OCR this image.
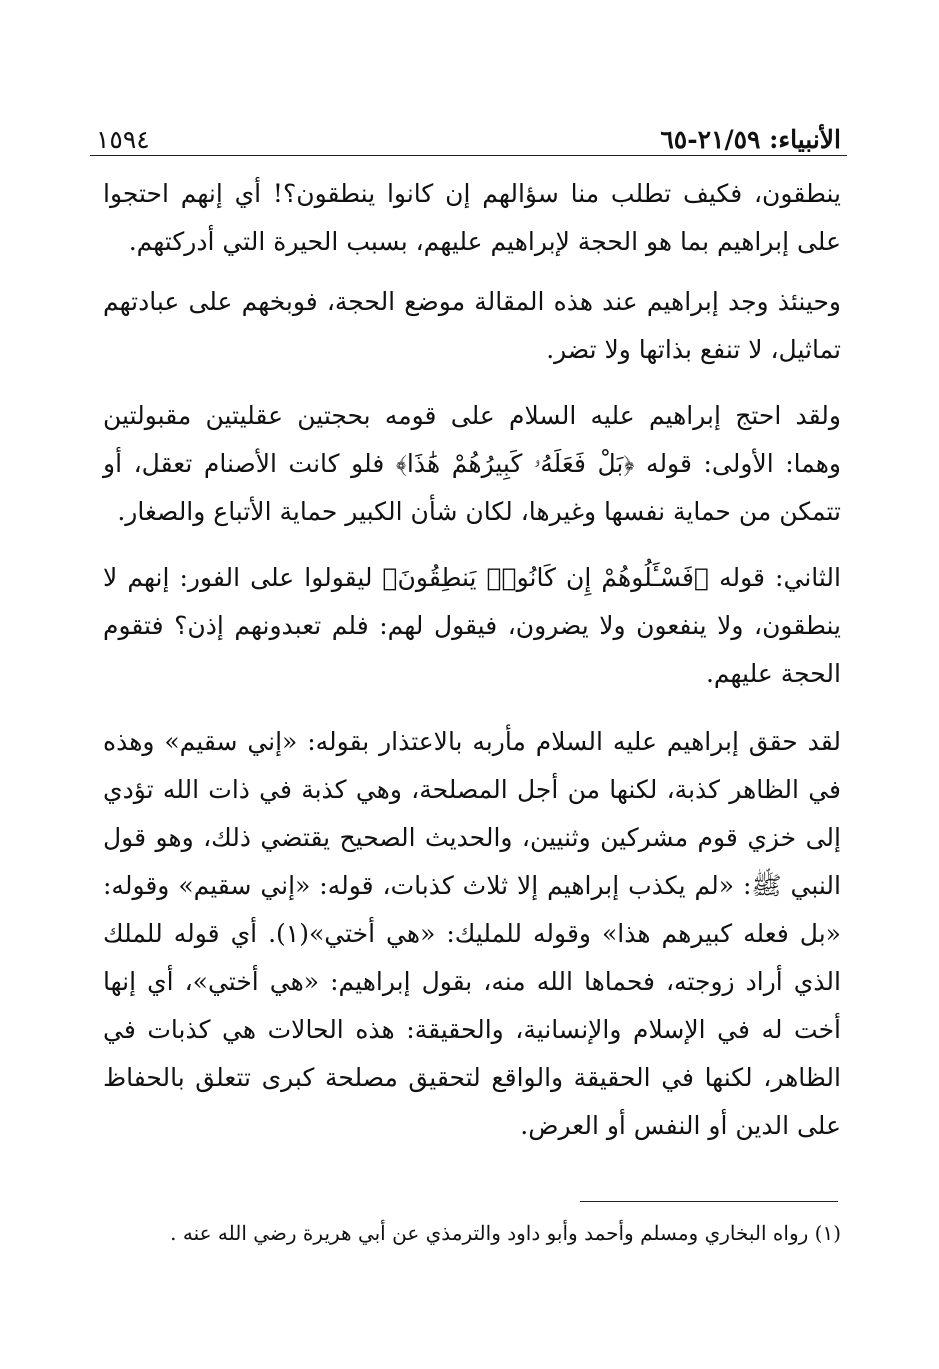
الأنبياء: ٢١/٥٩-٦٥
١٥٩٤

ينطقون، فكيف تطلب منا سؤالهم إن كانوا ينطقون؟! أي إنهم احتجوا على إبراهيم بما هو الحجة لإبراهيم عليهم، بسبب الحيرة التي أدركتهم.

وحينئذ وجد إبراهيم عند هذه المقالة موضع الحجة، فوبخهم على عبادتهم تماثيل، لا تنفع بذاتها ولا تضر.

ولقد احتج إبراهيم عليه السلام على قومه بحجتين عقليتين مقبولتين وهما: الأولى: قوله ﴿بَلْ فَعَلَهُۥ كَبِيرُهُمْ هَٰذَا﴾ فلو كانت الأصنام تعقل، أو تتمكن من حماية نفسها وغيرها، لكان شأن الكبير حماية الأتباع والصغار.

الثاني: قوله ﴿فَسْـَٔلُوهُمْ إِن كَانُوا۟ يَنطِقُونَ﴾ ليقولوا على الفور: إنهم لا ينطقون، ولا ينفعون ولا يضرون، فيقول لهم: فلم تعبدونهم إذن؟ فتقوم الحجة عليهم.

لقد حقق إبراهيم عليه السلام مأربه بالاعتذار بقوله: «إني سقيم» وهذه في الظاهر كذبة، لكنها من أجل المصلحة، وهي كذبة في ذات الله تؤدي إلى خزي قوم مشركين وثنيين، والحديث الصحيح يقتضي ذلك، وهو قول النبي ﷺ: «لم يكذب إبراهيم إلا ثلاث كذبات، قوله: «إني سقيم» وقوله: «بل فعله كبيرهم هذا» وقوله للمليك: «هي أختي»(١). أي قوله للملك الذي أراد زوجته، فحماها الله منه، بقول إبراهيم: «هي أختي»، أي إنها أخت له في الإسلام والإنسانية، والحقيقة: هذه الحالات هي كذبات في الظاهر، لكنها في الحقيقة والواقع لتحقيق مصلحة كبرى تتعلق بالحفاظ على الدين أو النفس أو العرض.

(١) رواه البخاري ومسلم وأحمد وأبو داود والترمذي عن أبي هريرة رضي الله عنه .
